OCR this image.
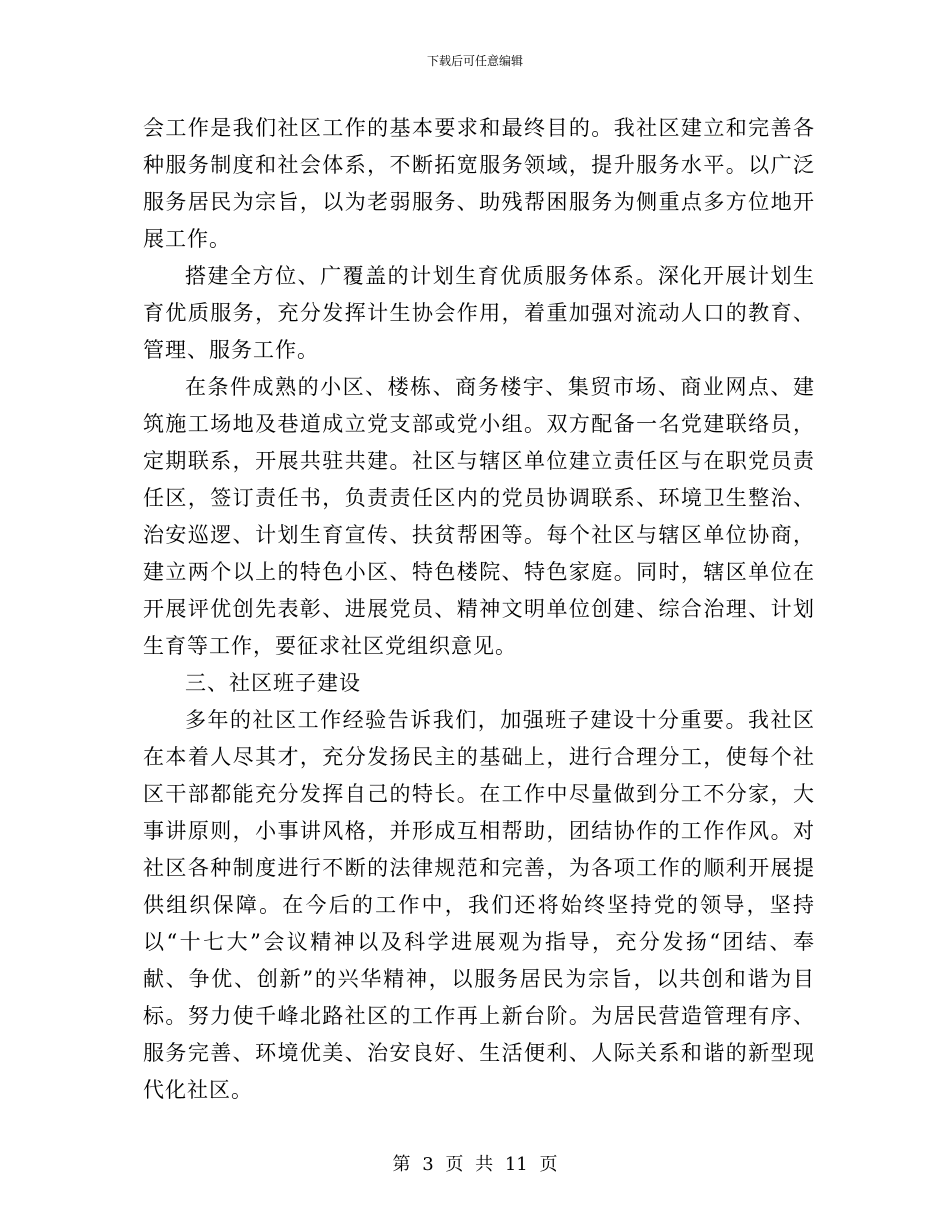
下载后可任意编辑

会工作是我们社区工作的基本要求和最终目的。我社区建立和完善各种服务制度和社会体系，不断拓宽服务领域，提升服务水平。以广泛服务居民为宗旨，以为老弱服务、助残帮困服务为侧重点多方位地开展工作。

搭建全方位、广覆盖的计划生育优质服务体系。深化开展计划生育优质服务，充分发挥计生协会作用，着重加强对流动人口的教育、管理、服务工作。

在条件成熟的小区、楼栋、商务楼宇、集贸市场、商业网点、建筑施工场地及巷道成立党支部或党小组。双方配备一名党建联络员，定期联系，开展共驻共建。社区与辖区单位建立责任区与在职党员责任区，签订责任书，负责责任区内的党员协调联系、环境卫生整治、治安巡逻、计划生育宣传、扶贫帮困等。每个社区与辖区单位协商，建立两个以上的特色小区、特色楼院、特色家庭。同时，辖区单位在开展评优创先表彰、进展党员、精神文明单位创建、综合治理、计划生育等工作，要征求社区党组织意见。

三、社区班子建设

多年的社区工作经验告诉我们，加强班子建设十分重要。我社区在本着人尽其才，充分发扬民主的基础上，进行合理分工，使每个社区干部都能充分发挥自己的特长。在工作中尽量做到分工不分家，大事讲原则，小事讲风格，并形成互相帮助，团结协作的工作作风。对社区各种制度进行不断的法律规范和完善，为各项工作的顺利开展提供组织保障。在今后的工作中，我们还将始终坚持党的领导，坚持以“十七大”会议精神以及科学进展观为指导，充分发扬“团结、奉献、争优、创新”的兴华精神，以服务居民为宗旨，以共创和谐为目标。努力使千峰北路社区的工作再上新台阶。为居民营造管理有序、服务完善、环境优美、治安良好、生活便利、人际关系和谐的新型现代化社区。

第 3 页 共 11 页
